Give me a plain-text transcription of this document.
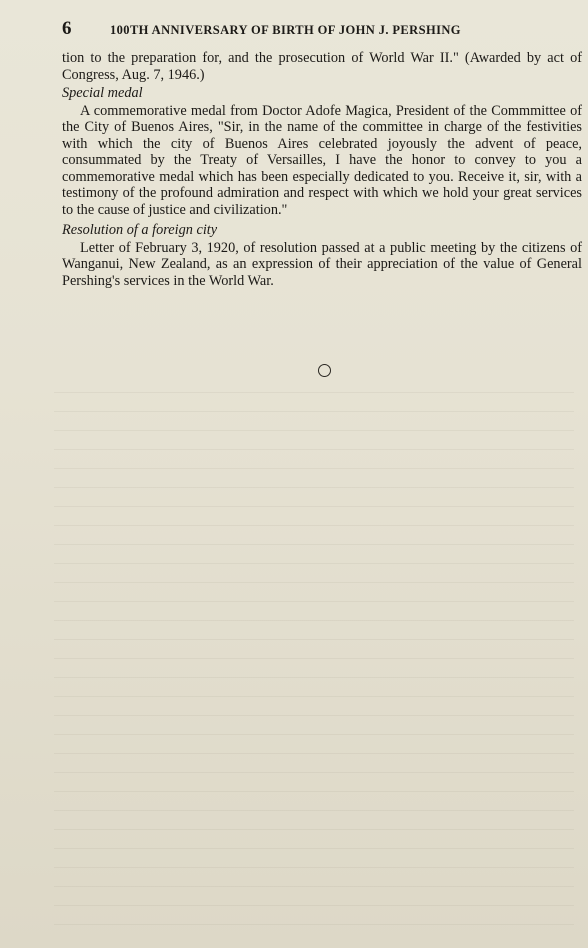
6	100TH ANNIVERSARY OF BIRTH OF JOHN J. PERSHING

tion to the preparation for, and the prosecution of World War II." (Awarded by act of Congress, Aug. 7, 1946.)

Special medal

A commemorative medal from Doctor Adofe Magica, President of the Commmittee of the City of Buenos Aires, "Sir, in the name of the committee in charge of the festivities with which the city of Buenos Aires celebrated joyously the advent of peace, consummated by the Treaty of Versailles, I have the honor to convey to you a commemorative medal which has been especially dedicated to you. Receive it, sir, with a testimony of the profound admiration and respect with which we hold your great services to the cause of justice and civilization."

Resolution of a foreign city

Letter of February 3, 1920, of resolution passed at a public meeting by the citizens of Wanganui, New Zealand, as an expression of their appreciation of the value of General Pershing's services in the World War.
